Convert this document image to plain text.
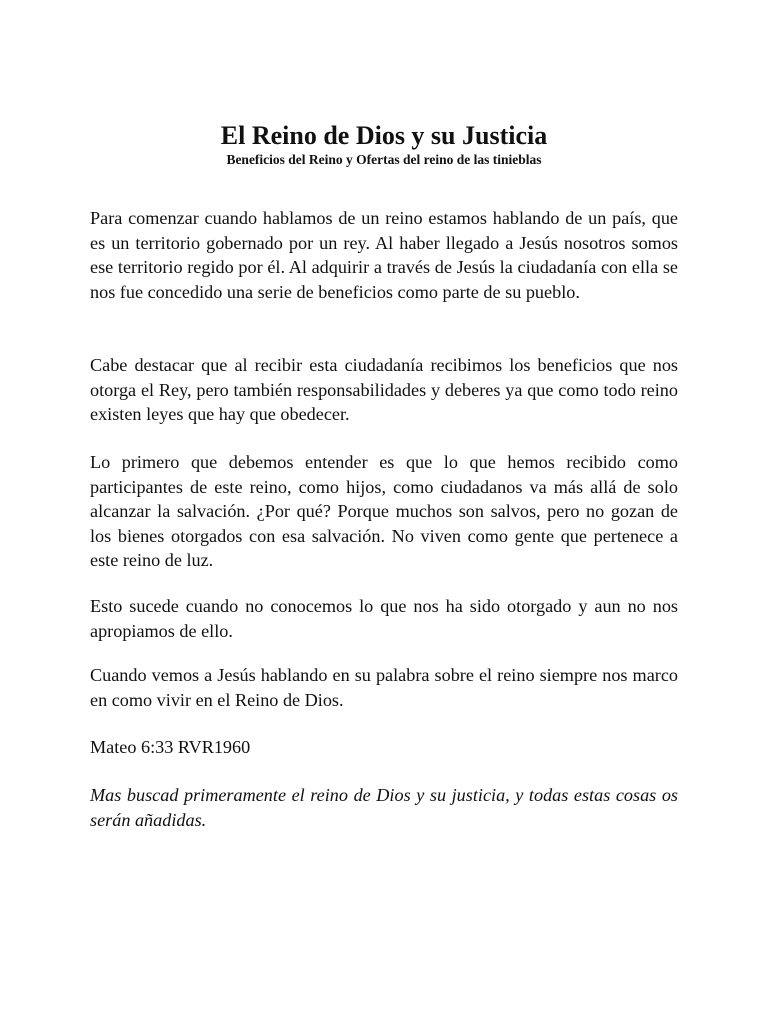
El Reino de Dios y su Justicia
Beneficios del Reino y Ofertas del reino de las tinieblas

Para comenzar cuando hablamos de un reino estamos hablando de un país, que es un territorio gobernado por un rey. Al haber llegado a Jesús nosotros somos ese territorio regido por él. Al adquirir a través de Jesús la ciudadanía con ella se nos fue concedido una serie de beneficios como parte de su pueblo.

Cabe destacar que al recibir esta ciudadanía recibimos los beneficios que nos otorga el Rey, pero también responsabilidades y deberes ya que como todo reino existen leyes que hay que obedecer.

Lo primero que debemos entender es que lo que hemos recibido como participantes de este reino, como hijos, como ciudadanos va más allá de solo alcanzar la salvación. ¿Por qué? Porque muchos son salvos, pero no gozan de los bienes otorgados con esa salvación. No viven como gente que pertenece a este reino de luz.

Esto sucede cuando no conocemos lo que nos ha sido otorgado y aun no nos apropiamos de ello.

Cuando vemos a Jesús hablando en su palabra sobre el reino siempre nos marco en como vivir en el Reino de Dios.

Mateo 6:33 RVR1960

Mas buscad primeramente el reino de Dios y su justicia, y todas estas cosas os serán añadidas.
